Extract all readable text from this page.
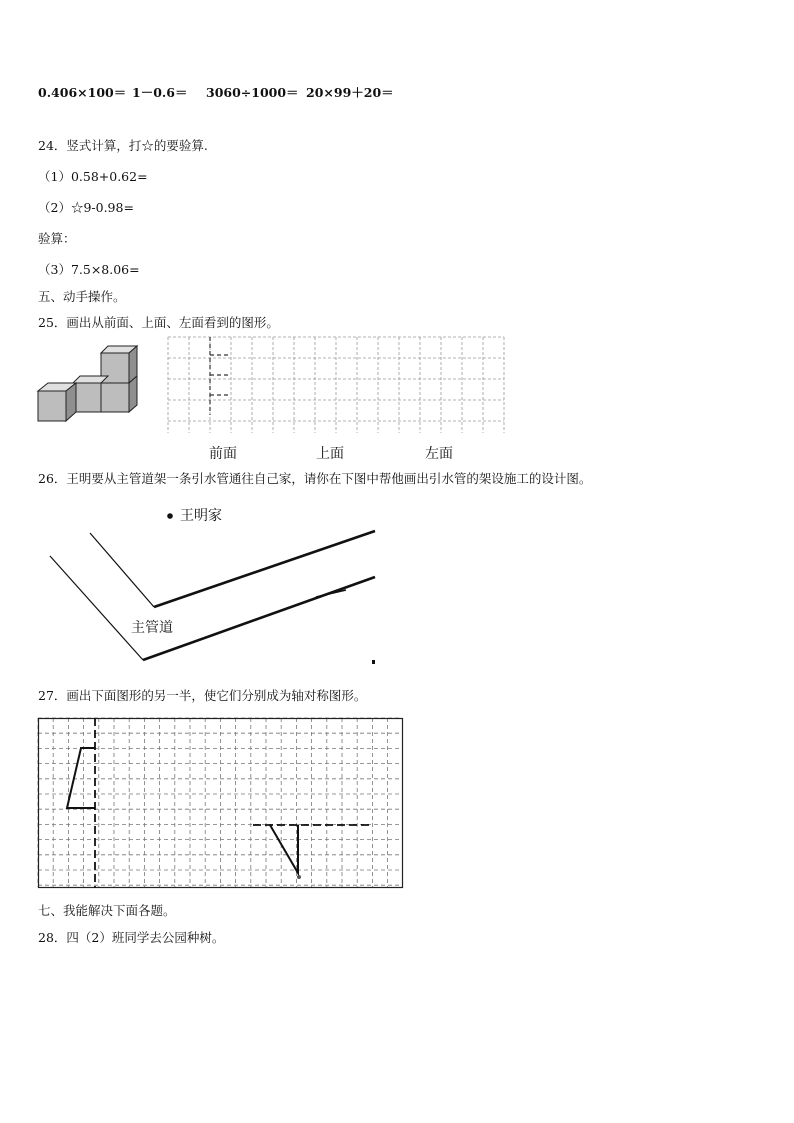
0.406×100＝ 1－0.6＝ 3060÷1000＝ 20×99＋20＝
24．竖式计算，打☆的要验算.
（1）0.58+0.62=
（2）☆9-0.98=
验算：
（3）7.5×8.06=
五、动手操作。
25．画出从前面、上面、左面看到的图形。
前面	上面	左面
26．王明要从主管道架一条引水管通往自己家，请你在下图中帮他画出引水管的架设施工的设计图。
王明家
主管道
27．画出下面图形的另一半，使它们分别成为轴对称图形。
七、我能解决下面各题。
28．四（2）班同学去公园种树。
